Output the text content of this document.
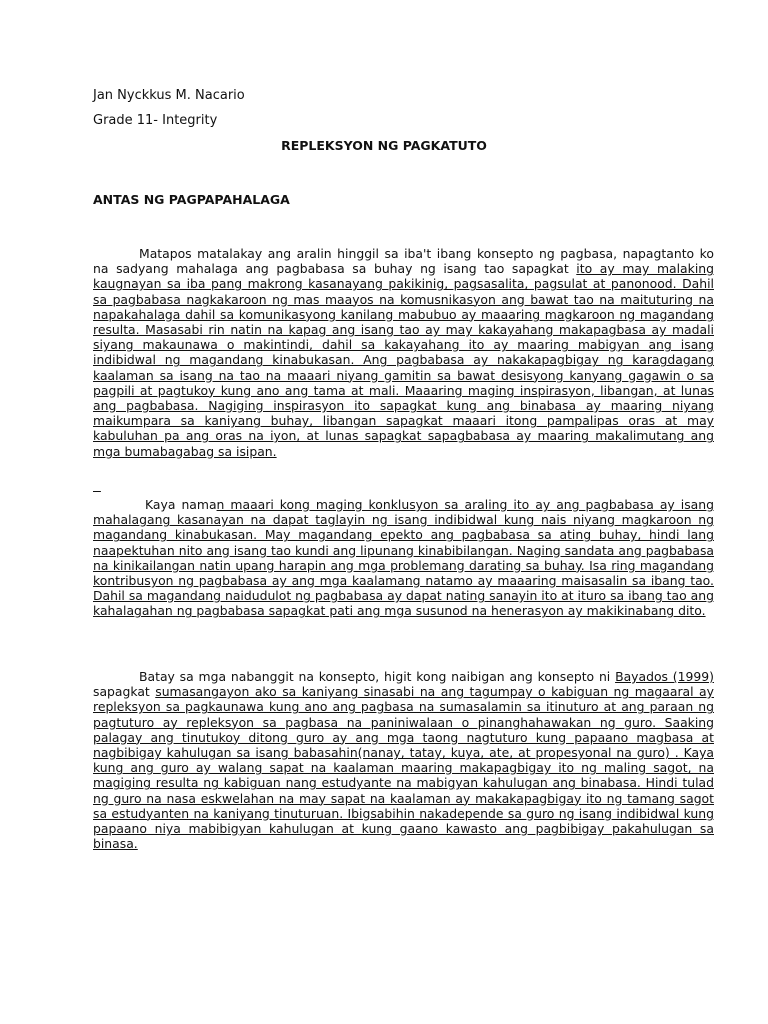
Jan Nyckkus M. Nacario
Grade 11- Integrity
REPLEKSYON NG PAGKATUTO
ANTAS NG PAGPAPAHALAGA

Matapos matalakay ang aralin hinggil sa iba't ibang konsepto ng pagbasa, napagtanto ko na sadyang mahalaga ang pagbabasa sa buhay ng isang tao sapagkat ito ay may malaking kaugnayan sa iba pang makrong kasanayang pakikinig, pagsasalita, pagsulat at panonood. Dahil sa pagbabasa nagkakaroon ng mas maayos na komusnikasyon ang bawat tao na maituturing na napakahalaga dahil sa komunikasyong kanilang mabubuo ay maaaring magkaroon ng magandang resulta. Masasabi rin natin na kapag ang isang tao ay may kakayahang makapagbasa ay madali siyang makaunawa o makintindi, dahil sa kakayahang ito ay maaring mabigyan ang isang indibidwal ng magandang kinabukasan. Ang pagbabasa ay nakakapagbigay ng karagdagang kaalaman sa isang na tao na maaari niyang gamitin sa bawat desisyong kanyang gagawin o sa pagpili at pagtukoy kung ano ang tama at mali. Maaaring maging inspirasyon, libangan, at lunas ang pagbabasa. Nagiging inspirasyon ito sapagkat kung ang binabasa ay maaring niyang maikumpara sa kaniyang buhay, libangan sapagkat maaari itong pampalipas oras at may kabuluhan pa ang oras na iyon, at lunas sapagkat sapagbabasa ay maaring makalimutang ang mga bumabagabag sa isipan.

Kaya naman maaari kong maging konklusyon sa araling ito ay ang pagbabasa ay isang mahalagang kasanayan na dapat taglayin ng isang indibidwal kung nais niyang magkaroon ng magandang kinabukasan. May magandang epekto ang pagbabasa sa ating buhay, hindi lang naapektuhan nito ang isang tao kundi ang lipunang kinabibilangan. Naging sandata ang pagbabasa na kinikailangan natin upang harapin ang mga problemang darating sa buhay. Isa ring magandang kontribusyon ng pagbabasa ay ang mga kaalamang natamo ay maaaring maisasalin sa ibang tao. Dahil sa magandang naidudulot ng pagbabasa ay dapat nating sanayin ito at ituro sa ibang tao ang kahalagahan ng pagbabasa sapagkat pati ang mga susunod na henerasyon ay makikinabang dito.

Batay sa mga nabanggit na konsepto, higit kong naibigan ang konsepto ni Bayados (1999) sapagkat sumasangayon ako sa kaniyang sinasabi na ang tagumpay o kabiguan ng magaaral ay repleksyon sa pagkaunawa kung ano ang pagbasa na sumasalamin sa itinuturo at ang paraan ng pagtuturo ay repleksyon sa pagbasa na paniniwalaan o pinanghahawakan ng guro. Saaking palagay ang tinutukoy ditong guro ay ang mga taong nagtuturo kung papaano magbasa at nagbibigay kahulugan sa isang babasahin(nanay, tatay, kuya, ate, at propesyonal na guro) . Kaya kung ang guro ay walang sapat na kaalaman maaring makapagbigay ito ng maling sagot, na magiging resulta ng kabiguan nang estudyante na mabigyan kahulugan ang binabasa. Hindi tulad ng guro na nasa eskwelahan na may sapat na kaalaman ay makakapagbigay ito ng tamang sagot sa estudyanten na kaniyang tinuturuan. Ibigsabihin nakadepende sa guro ng isang indibidwal kung papaano niya mabibigyan kahulugan at kung gaano kawasto ang pagbibigay pakahulugan sa binasa.
